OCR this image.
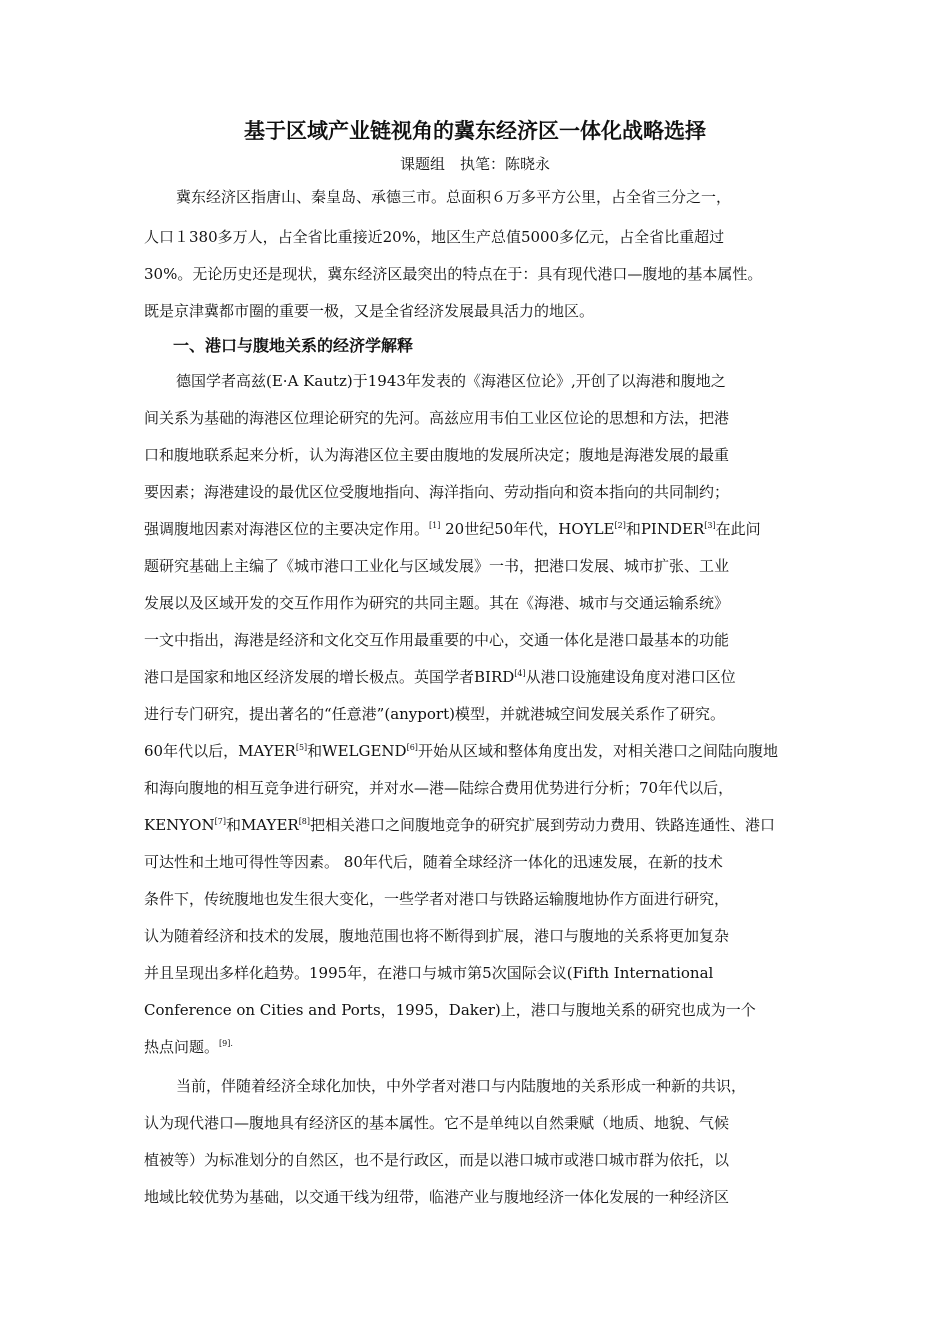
基于区域产业链视角的冀东经济区一体化战略选择
课题组　执笔：陈晓永
冀东经济区指唐山、秦皇岛、承德三市。总面积６万多平方公里，占全省三分之一，
人口１380多万人，占全省比重接近20%，地区生产总值5000多亿元，占全省比重超过
30%。无论历史还是现状，冀东经济区最突出的特点在于：具有现代港口—腹地的基本属性。
既是京津冀都市圈的重要一极，又是全省经济发展最具活力的地区。
一、港口与腹地关系的经济学解释
德国学者高兹(E·A Kautz)于1943年发表的《海港区位论》,开创了以海港和腹地之
间关系为基础的海港区位理论研究的先河。高兹应用韦伯工业区位论的思想和方法，把港
口和腹地联系起来分析，认为海港区位主要由腹地的发展所决定；腹地是海港发展的最重
要因素；海港建设的最优区位受腹地指向、海洋指向、劳动指向和资本指向的共同制约；
强调腹地因素对海港区位的主要决定作用。[1] 20世纪50年代，HOYLE[2]和PINDER[3]在此问
题研究基础上主编了《城市港口工业化与区域发展》一书，把港口发展、城市扩张、工业
发展以及区域开发的交互作用作为研究的共同主题。其在《海港、城市与交通运输系统》
一文中指出，海港是经济和文化交互作用最重要的中心，交通一体化是港口最基本的功能
港口是国家和地区经济发展的增长极点。英国学者BIRD[4]从港口设施建设角度对港口区位
进行专门研究，提出著名的“任意港”(anyport)模型，并就港城空间发展关系作了研究。
60年代以后，MAYER[5]和WELGEND[6]开始从区域和整体角度出发，对相关港口之间陆向腹地
和海向腹地的相互竞争进行研究，并对水—港—陆综合费用优势进行分析；70年代以后，
KENYON[7]和MAYER[8]把相关港口之间腹地竞争的研究扩展到劳动力费用、铁路连通性、港口
可达性和土地可得性等因素。 80年代后，随着全球经济一体化的迅速发展，在新的技术
条件下，传统腹地也发生很大变化，一些学者对港口与铁路运输腹地协作方面进行研究，
认为随着经济和技术的发展，腹地范围也将不断得到扩展，港口与腹地的关系将更加复杂
并且呈现出多样化趋势。1995年，在港口与城市第5次国际会议(Fifth International
Conference on Cities and Ports，1995，Daker)上，港口与腹地关系的研究也成为一个
热点问题。$^{[9].}$
当前，伴随着经济全球化加快，中外学者对港口与内陆腹地的关系形成一种新的共识，
认为现代港口—腹地具有经济区的基本属性。它不是单纯以自然秉赋（地质、地貌、气候
植被等）为标准划分的自然区，也不是行政区，而是以港口城市或港口城市群为依托，以
地域比较优势为基础，以交通干线为纽带，临港产业与腹地经济一体化发展的一种经济区
